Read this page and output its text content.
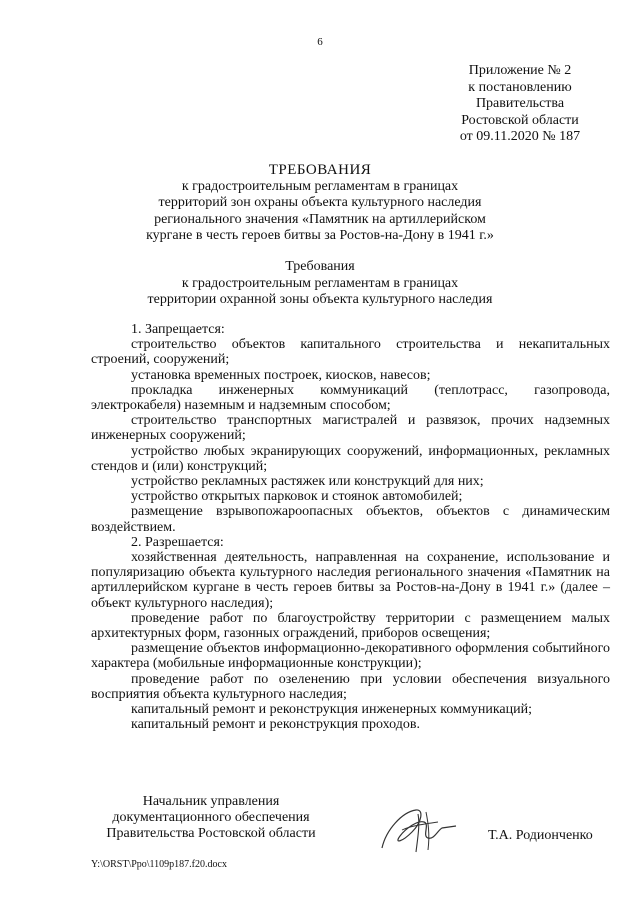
6
Приложение № 2
к постановлению
Правительства
Ростовской области
от 09.11.2020 № 187
ТРЕБОВАНИЯ
к градостроительным регламентам в границах
территорий зон охраны объекта культурного наследия
регионального значения «Памятник на артиллерийском
кургане в честь героев битвы за Ростов-на-Дону в 1941 г.»
Требования
к градостроительным регламентам в границах
территории охранной зоны объекта культурного наследия

1. Запрещается:

строительство объектов капитального строительства и некапитальных строений, сооружений;

установка временных построек, киосков, навесов;

прокладка инженерных коммуникаций (теплотрасс, газопровода, электрокабеля) наземным и надземным способом;

строительство транспортных магистралей и развязок, прочих надземных инженерных сооружений;

устройство любых экранирующих сооружений, информационных, рекламных стендов и (или) конструкций;

устройство рекламных растяжек или конструкций для них;

устройство открытых парковок и стоянок автомобилей;

размещение взрывопожароопасных объектов, объектов с динамическим воздействием.

2. Разрешается:

хозяйственная деятельность, направленная на сохранение, использование и популяризацию объекта культурного наследия регионального значения «Памятник на артиллерийском кургане в честь героев битвы за Ростов-на-Дону в 1941 г.» (далее – объект культурного наследия);

проведение работ по благоустройству территории с размещением малых архитектурных форм, газонных ограждений, приборов освещения;

размещение объектов информационно-декоративного оформления событийного характера (мобильные информационные конструкции);

проведение работ по озеленению при условии обеспечения визуального восприятия объекта культурного наследия;

капитальный ремонт и реконструкция инженерных коммуникаций;

капитальный ремонт и реконструкция проходов.

Начальник управления
документационного обеспечения
Правительства Ростовской области	Т.А. Родионченко
Y:\ORST\Ppo\1109p187.f20.docx
